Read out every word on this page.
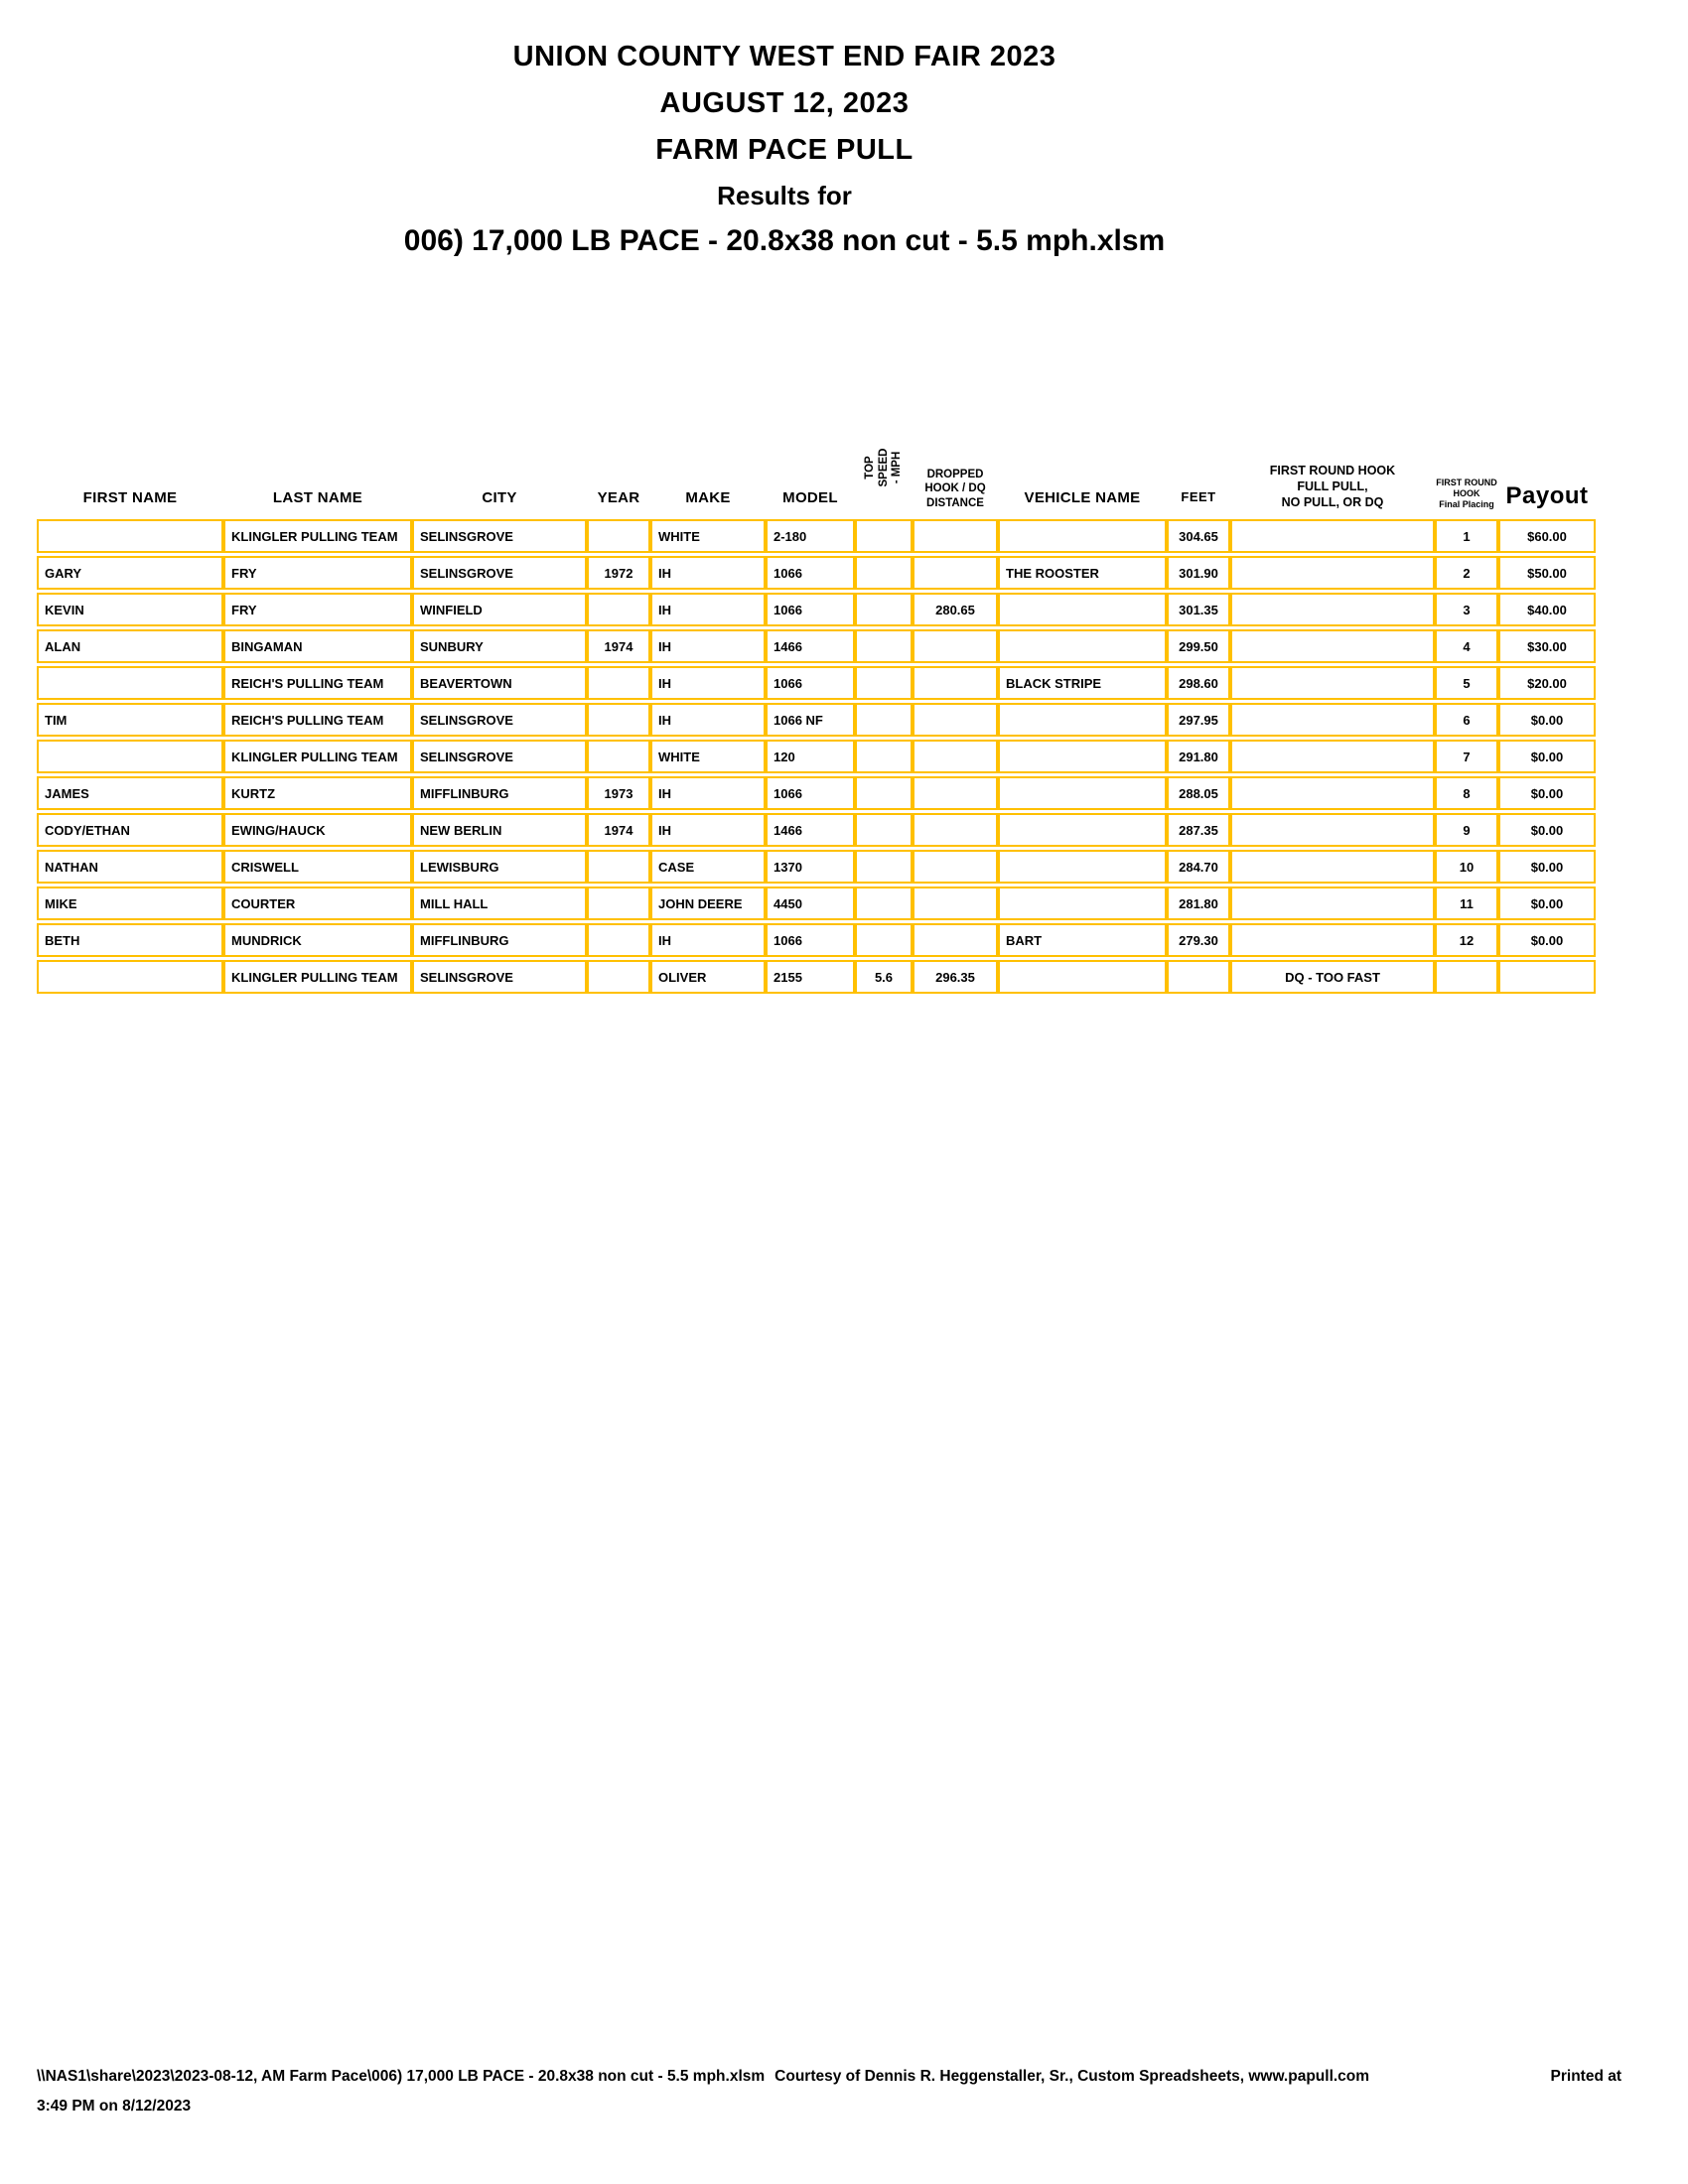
UNION COUNTY WEST END FAIR 2023
AUGUST 12, 2023
FARM PACE PULL
Results for
006) 17,000 LB PACE - 20.8x38 non cut - 5.5 mph.xlsm
FIRST NAME	LAST NAME	CITY	YEAR	MAKE	MODEL	
TOP SPEED - MPH	DROPPED
HOOK / DQ
DISTANCE	VEHICLE NAME	FEET	
FIRST ROUND HOOK
FULL PULL,
NO PULL, OR DQ

FIRST ROUND
HOOK
Final Placing	Payout
	KLINGLER PULLING TEAM	SELINSGROVE		WHITE	2-180				304.65		1	$60.00
GARY	FRY	SELINSGROVE	1972	IH	1066			THE ROOSTER	301.90		2	$50.00
KEVIN	FRY	WINFIELD		IH	1066		280.65		301.35		3	$40.00
ALAN	BINGAMAN	SUNBURY	1974	IH	1466				299.50		4	$30.00
	REICH'S PULLING TEAM	BEAVERTOWN		IH	1066			BLACK STRIPE	298.60		5	$20.00
TIM	REICH'S PULLING TEAM	SELINSGROVE		IH	1066 NF				297.95		6	$0.00
	KLINGLER PULLING TEAM	SELINSGROVE		WHITE	120				291.80		7	$0.00
JAMES	KURTZ	MIFFLINBURG	1973	IH	1066				288.05		8	$0.00
CODY/ETHAN	EWING/HAUCK	NEW BERLIN	1974	IH	1466				287.35		9	$0.00
NATHAN	CRISWELL	LEWISBURG		CASE	1370				284.70		10	$0.00
MIKE	COURTER	MILL HALL		JOHN DEERE	4450				281.80		11	$0.00
BETH	MUNDRICK	MIFFLINBURG		IH	1066			BART	279.30		12	$0.00
	KLINGLER PULLING TEAM	SELINSGROVE		OLIVER	2155	5.6	296.35			DQ - TOO FAST		
\\NAS1\share\2023\2023-08-12, AM Farm Pace\006) 17,000 LB PACE - 20.8x38 non cut - 5.5 mph.xlsm Courtesy of Dennis R. Heggenstaller, Sr., Custom Spreadsheets, www.papull.com	Printed at
3:49 PM on 8/12/2023
